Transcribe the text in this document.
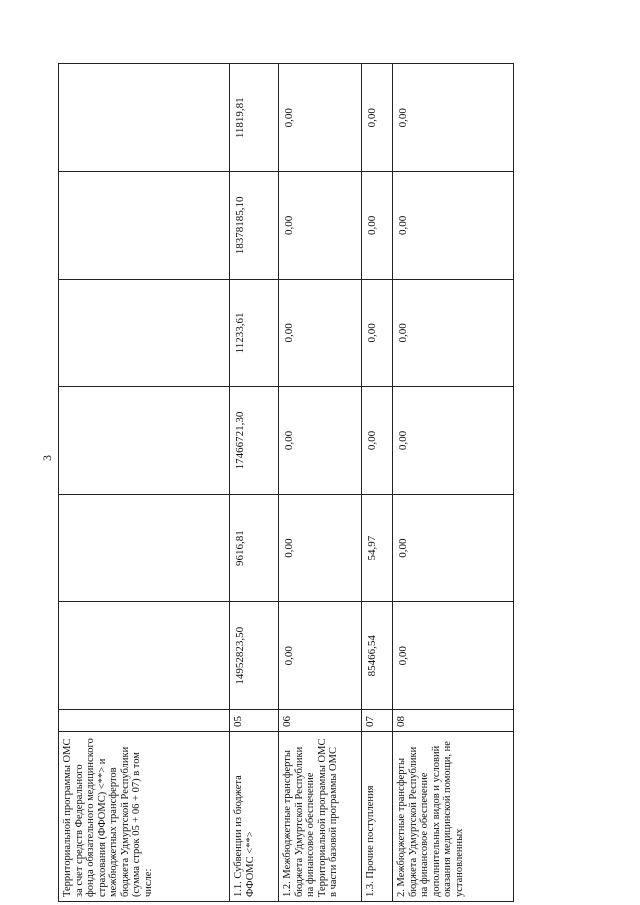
3
Территориальной программы ОМС за счет средств Федерального фонда обязательного медицинского страхования (ФФОМС) <**> и межбюджетных трансфертов бюджета Удмуртской Республики (сумма строк 05 + 06 + 07) в том числе:							
1.1. Субвенции из бюджета ФФОМС <**>	05	14952823,50	9616,81	17466721,30	11233,61	18378185,10	11819,81
1.2. Межбюджетные трансферты бюджета Удмуртской Республики на финансовое обеспечение Территориальной программы ОМС в части базовой программы ОМС	06	0,00	0,00	0,00	0,00	0,00	0,00
1.3. Прочие поступления	07	85466,54	54,97	0,00	0,00	0,00	0,00
2. Межбюджетные трансферты бюджета Удмуртской Республики на финансовое обеспечение дополнительных видов и условий оказания медицинской помощи, не установленных	08	0,00	0,00	0,00	0,00	0,00	0,00
